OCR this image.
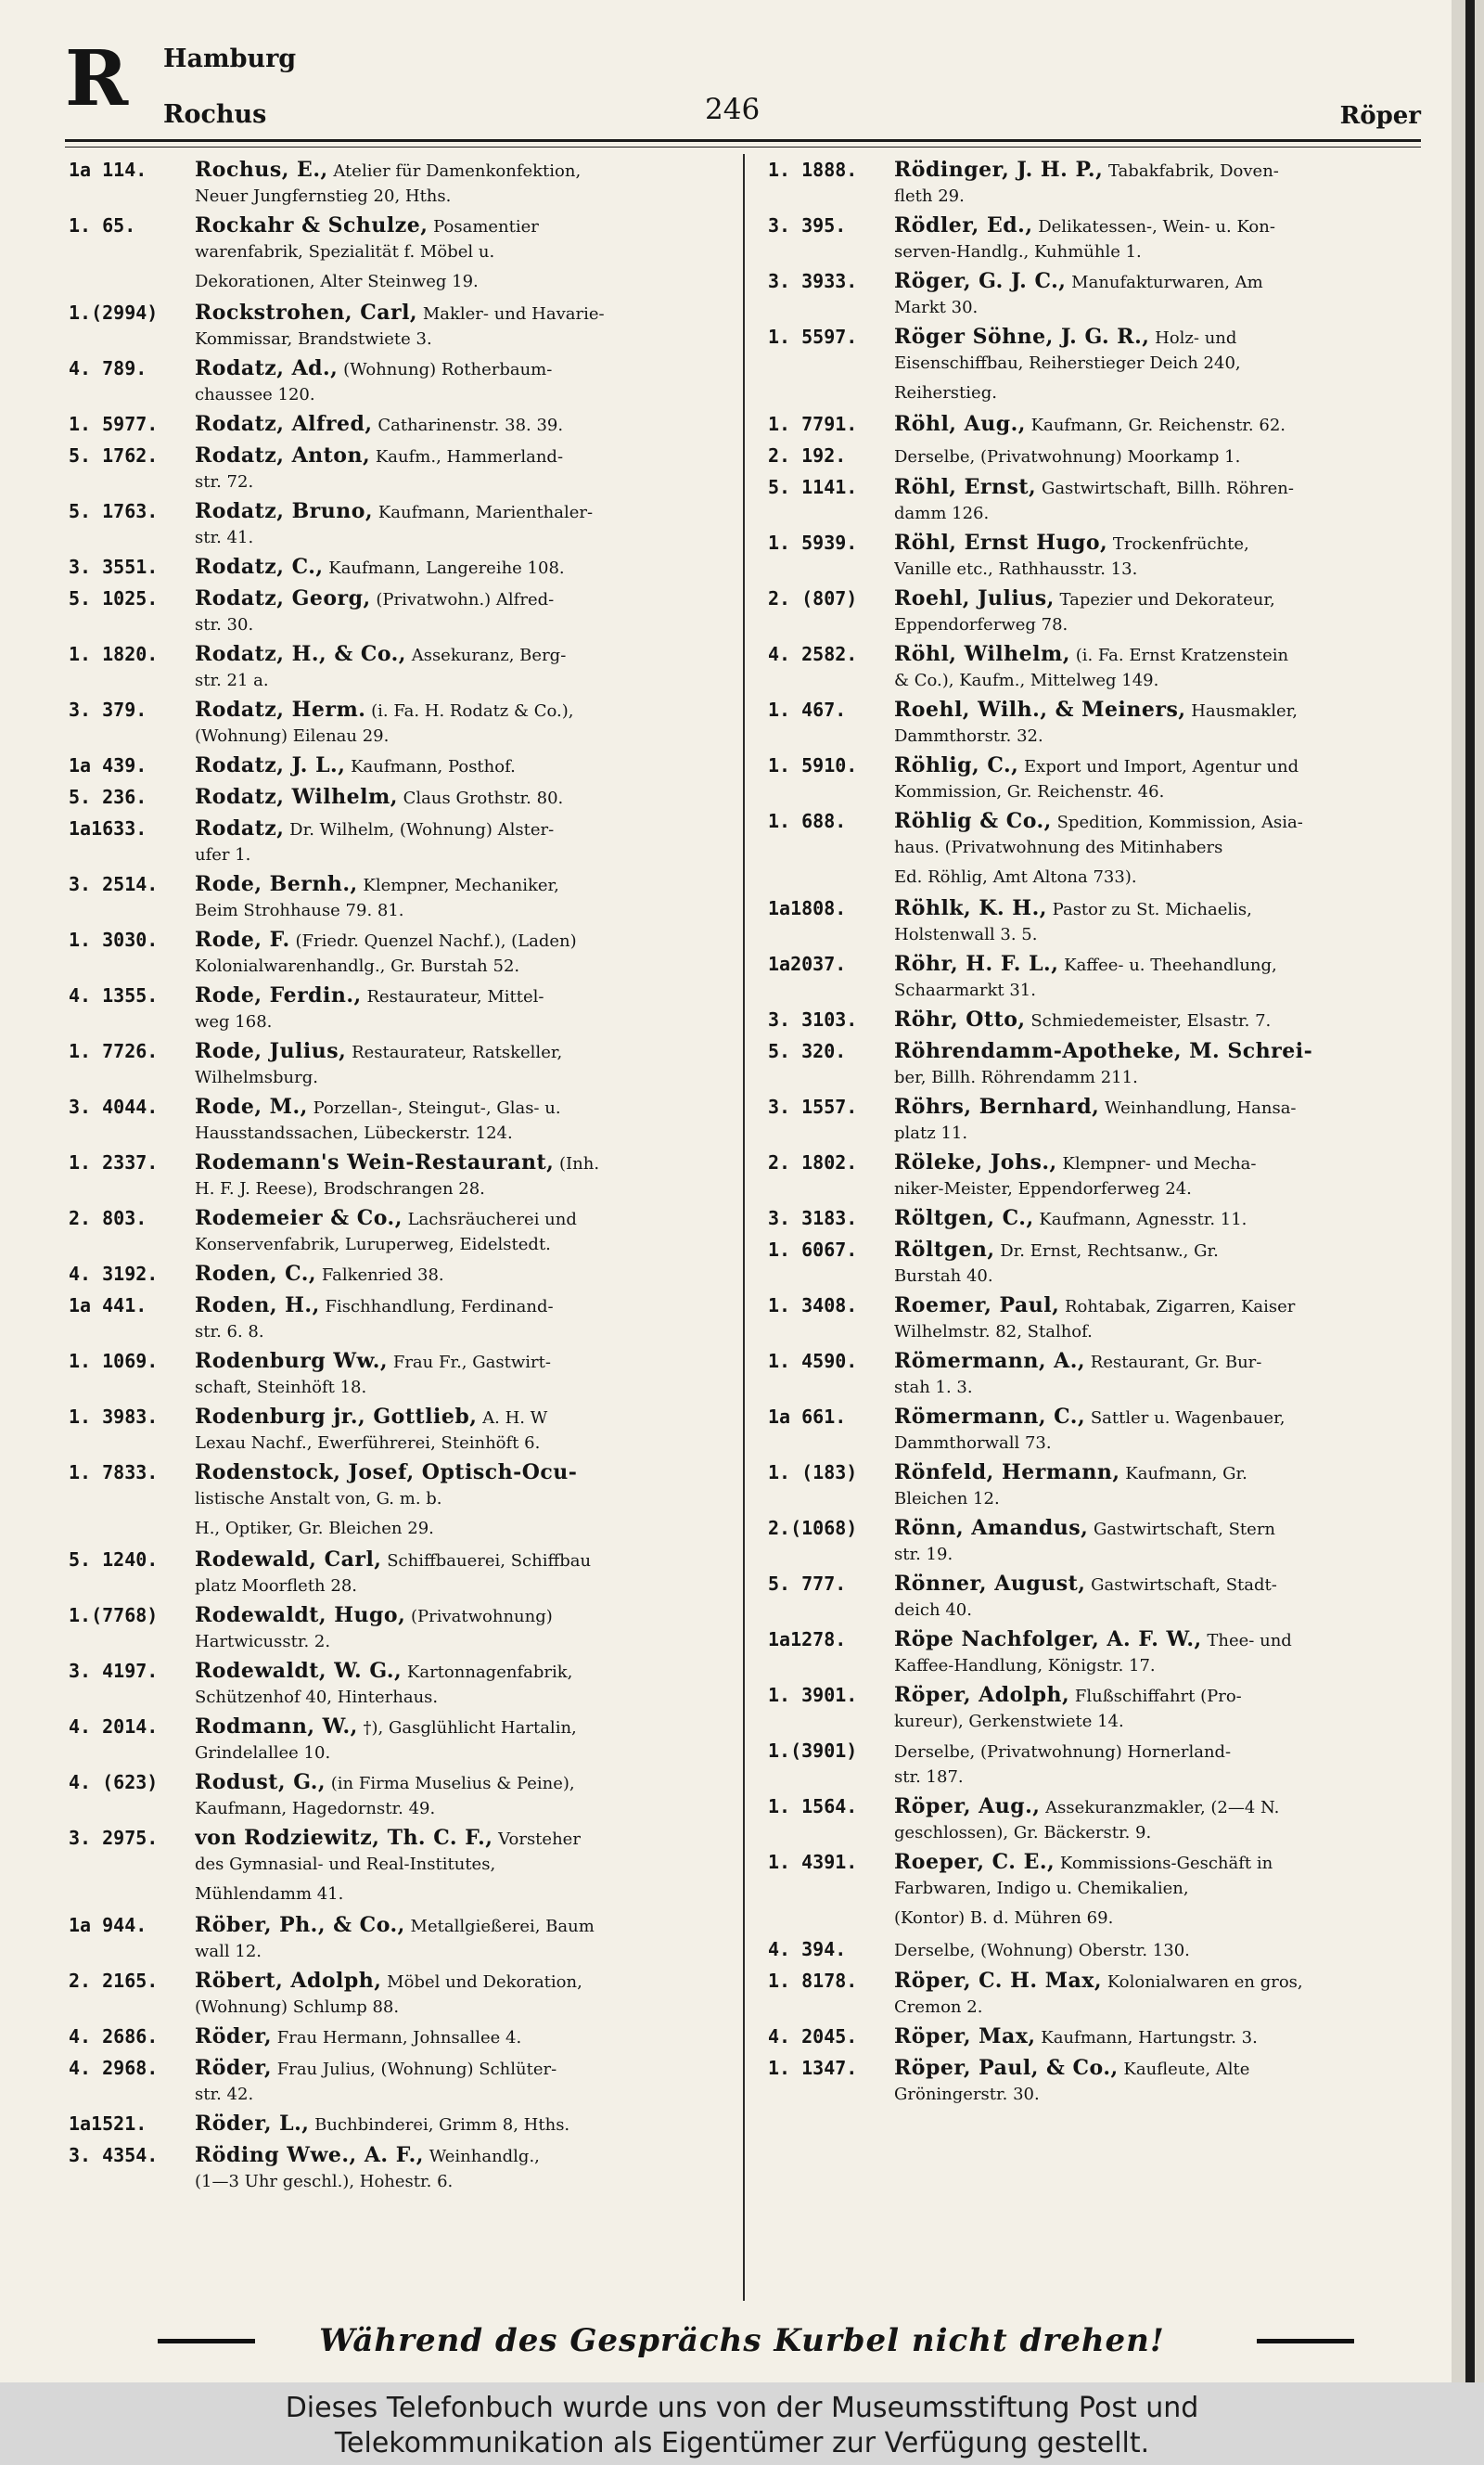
R Hamburg
Rochus	246	Röper
1a 114.	Rochus, E., Atelier für Damenkonfektion,
Neuer Jungfernstieg 20, Hths.
1. 65.	Rockahr & Schulze, Posamentier
warenfabrik, Spezialität f. Möbel u.
Dekorationen, Alter Steinweg 19.
1.(2994)	Rockstrohen, Carl, Makler- und Havarie-
Kommissar, Brandstwiete 3.
4. 789.	Rodatz, Ad., (Wohnung) Rotherbaum-
chaussee 120.
1. 5977.	Rodatz, Alfred, Catharinenstr. 38. 39.
5. 1762.	Rodatz, Anton, Kaufm., Hammerland-
str. 72.
5. 1763.	Rodatz, Bruno, Kaufmann, Marienthaler-
str. 41.
3. 3551.	Rodatz, C., Kaufmann, Langereihe 108.
5. 1025.	Rodatz, Georg, (Privatwohn.) Alfred-
str. 30.
1. 1820.	Rodatz, H., & Co., Assekuranz, Berg-
str. 21 a.
3. 379.	Rodatz, Herm. (i. Fa. H. Rodatz & Co.),
(Wohnung) Eilenau 29.
1a 439.	Rodatz, J. L., Kaufmann, Posthof.
5. 236.	Rodatz, Wilhelm, Claus Grothstr. 80.
1a1633.	Rodatz, Dr. Wilhelm, (Wohnung) Alster-
ufer 1.
3. 2514.	Rode, Bernh., Klempner, Mechaniker,
Beim Strohhause 79. 81.
1. 3030.	Rode, F. (Friedr. Quenzel Nachf.), (Laden)
Kolonialwarenhandlg., Gr. Burstah 52.
4. 1355.	Rode, Ferdin., Restaurateur, Mittel-
weg 168.
1. 7726.	Rode, Julius, Restaurateur, Ratskeller,
Wilhelmsburg.
3. 4044.	Rode, M., Porzellan-, Steingut-, Glas- u.
Hausstandssachen, Lübeckerstr. 124.
1. 2337.	Rodemann's Wein-Restaurant, (Inh.
H. F. J. Reese), Brodschrangen 28.
2. 803.	Rodemeier & Co., Lachsräucherei und
Konservenfabrik, Luruperweg, Eidelstedt.
4. 3192.	Roden, C., Falkenried 38.
1a 441.	Roden, H., Fischhandlung, Ferdinand-
str. 6. 8.
1. 1069.	Rodenburg Ww., Frau Fr., Gastwirt-
schaft, Steinhöft 18.
1. 3983.	Rodenburg jr., Gottlieb, A. H. W
Lexau Nachf., Ewerführerei, Steinhöft 6.
1. 7833.	Rodenstock, Josef, Optisch-Ocu-
listische Anstalt von, G. m. b.
H., Optiker, Gr. Bleichen 29.
5. 1240.	Rodewald, Carl, Schiffbauerei, Schiffbau
platz Moorfleth 28.
1.(7768)	Rodewaldt, Hugo, (Privatwohnung)
Hartwicusstr. 2.
3. 4197.	Rodewaldt, W. G., Kartonnagenfabrik,
Schützenhof 40, Hinterhaus.
4. 2014.	Rodmann, W., †), Gasglühlicht Hartalin,
Grindelallee 10.
4. (623)	Rodust, G., (in Firma Muselius & Peine),
Kaufmann, Hagedornstr. 49.
3. 2975.	von Rodziewitz, Th. C. F., Vorsteher
des Gymnasial- und Real-Institutes,
Mühlendamm 41.
1a 944.	Röber, Ph., & Co., Metallgießerei, Baum
wall 12.
2. 2165.	Röbert, Adolph, Möbel und Dekoration,
(Wohnung) Schlump 88.
4. 2686.	Röder, Frau Hermann, Johnsallee 4.
4. 2968.	Röder, Frau Julius, (Wohnung) Schlüter-
str. 42.
1a1521.	Röder, L., Buchbinderei, Grimm 8, Hths.
3. 4354.	Röding Wwe., A. F., Weinhandlg.,
(1—3 Uhr geschl.), Hohestr. 6.
1. 1888.	Rödinger, J. H. P., Tabakfabrik, Doven-
fleth 29.
3. 395.	Rödler, Ed., Delikatessen-, Wein- u. Kon-
serven-Handlg., Kuhmühle 1.
3. 3933.	Röger, G. J. C., Manufakturwaren, Am
Markt 30.
1. 5597.	Röger Söhne, J. G. R., Holz- und
Eisenschiffbau, Reiherstieger Deich 240,
Reiherstieg.
1. 7791.	Röhl, Aug., Kaufmann, Gr. Reichenstr. 62.
2. 192.	Derselbe, (Privatwohnung) Moorkamp 1.
5. 1141.	Röhl, Ernst, Gastwirtschaft, Billh. Röhren-
damm 126.
1. 5939.	Röhl, Ernst Hugo, Trockenfrüchte,
Vanille etc., Rathhausstr. 13.
2. (807)	Roehl, Julius, Tapezier und Dekorateur,
Eppendorferweg 78.
4. 2582.	Röhl, Wilhelm, (i. Fa. Ernst Kratzenstein
& Co.), Kaufm., Mittelweg 149.
1. 467.	Roehl, Wilh., & Meiners, Hausmakler,
Dammthorstr. 32.
1. 5910.	Röhlig, C., Export und Import, Agentur und
Kommission, Gr. Reichenstr. 46.
1. 688.	Röhlig & Co., Spedition, Kommission, Asia-
haus. (Privatwohnung des Mitinhabers
Ed. Röhlig, Amt Altona 733).
1a1808.	Röhlk, K. H., Pastor zu St. Michaelis,
Holstenwall 3. 5.
1a2037.	Röhr, H. F. L., Kaffee- u. Theehandlung,
Schaarmarkt 31.
3. 3103.	Röhr, Otto, Schmiedemeister, Elsastr. 7.
5. 320.	Röhrendamm-Apotheke, M. Schrei-
ber, Billh. Röhrendamm 211.
3. 1557.	Röhrs, Bernhard, Weinhandlung, Hansa-
platz 11.
2. 1802.	Röleke, Johs., Klempner- und Mecha-
niker-Meister, Eppendorferweg 24.
3. 3183.	Röltgen, C., Kaufmann, Agnesstr. 11.
1. 6067.	Röltgen, Dr. Ernst, Rechtsanw., Gr.
Burstah 40.
1. 3408.	Roemer, Paul, Rohtabak, Zigarren, Kaiser
Wilhelmstr. 82, Stalhof.
1. 4590.	Römermann, A., Restaurant, Gr. Bur-
stah 1. 3.
1a 661.	Römermann, C., Sattler u. Wagenbauer,
Dammthorwall 73.
1. (183)	Rönfeld, Hermann, Kaufmann, Gr.
Bleichen 12.
2.(1068)	Rönn, Amandus, Gastwirtschaft, Stern
str. 19.
5. 777.	Rönner, August, Gastwirtschaft, Stadt-
deich 40.
1a1278.	Röpe Nachfolger, A. F. W., Thee- und
Kaffee-Handlung, Königstr. 17.
1. 3901.	Röper, Adolph, Flußschiffahrt (Pro-
kureur), Gerkenstwiete 14.
1.(3901)	Derselbe, (Privatwohnung) Hornerland-
str. 187.
1. 1564.	Röper, Aug., Assekuranzmakler, (2—4 N.
geschlossen), Gr. Bäckerstr. 9.
1. 4391.	Roeper, C. E., Kommissions-Geschäft in
Farbwaren, Indigo u. Chemikalien,
(Kontor) B. d. Mühren 69.
4. 394.	Derselbe, (Wohnung) Oberstr. 130.
1. 8178.	Röper, C. H. Max, Kolonialwaren en gros,
Cremon 2.
4. 2045.	Röper, Max, Kaufmann, Hartungstr. 3.
1. 1347.	Röper, Paul, & Co., Kaufleute, Alte
Gröningerstr. 30.
Während des Gesprächs Kurbel nicht drehen!
Dieses Telefonbuch wurde uns von der Museumsstiftung Post und
Telekommunikation als Eigentümer zur Verfügung gestellt.
